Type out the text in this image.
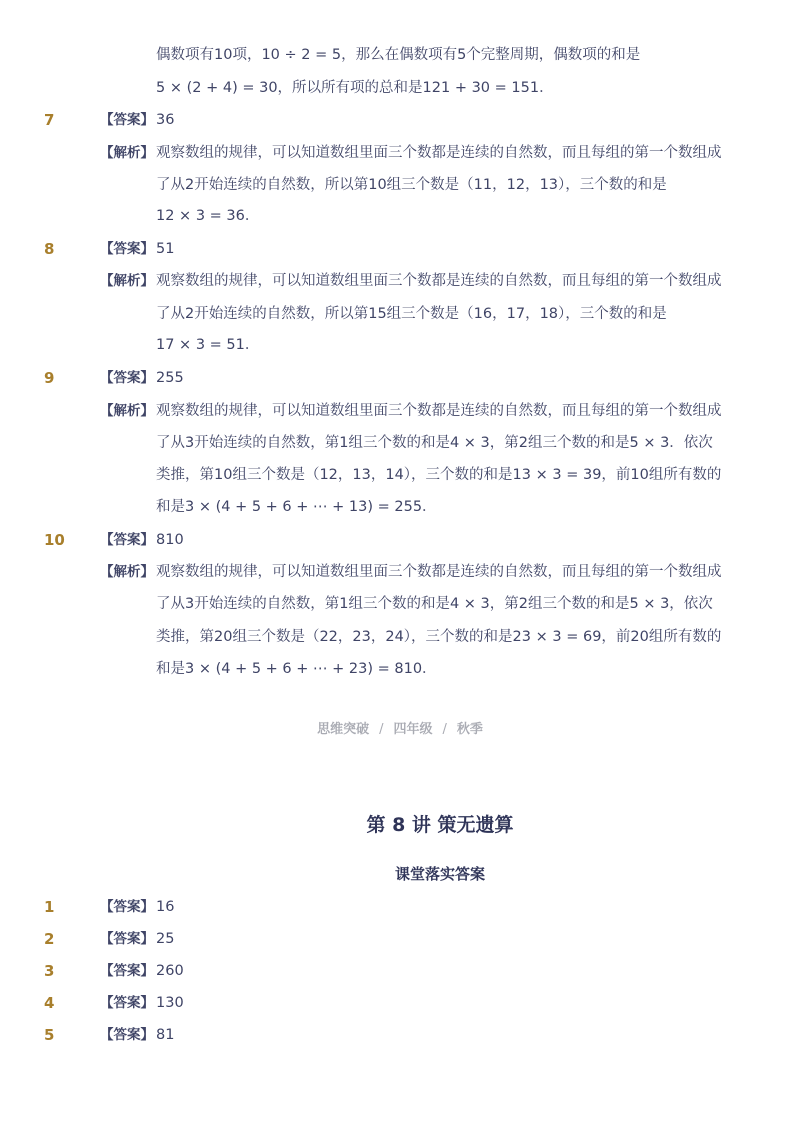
偶数项有10项，10 ÷ 2 = 5，那么在偶数项有5个完整周期，偶数项的和是
5 × (2 + 4) = 30，所以所有项的总和是121 + 30 = 151．
7	【答案】 36
【解析】 观察数组的规律，可以知道数组里面三个数都是连续的自然数，而且每组的第一个数组成
了从2开始连续的自然数，所以第10组三个数是（11，12，13），三个数的和是
12 × 3 = 36．
8	【答案】 51
【解析】 观察数组的规律，可以知道数组里面三个数都是连续的自然数，而且每组的第一个数组成
了从2开始连续的自然数，所以第15组三个数是（16，17，18），三个数的和是
17 × 3 = 51．
9	【答案】 255
【解析】 观察数组的规律，可以知道数组里面三个数都是连续的自然数，而且每组的第一个数组成
了从3开始连续的自然数，第1组三个数的和是4 × 3，第2组三个数的和是5 × 3．依次
类推，第10组三个数是（12，13，14），三个数的和是13 × 3 = 39，前10组所有数的
和是3 × (4 + 5 + 6 + ⋯ + 13) = 255．
10	【答案】 810
【解析】 观察数组的规律，可以知道数组里面三个数都是连续的自然数，而且每组的第一个数组成
了从3开始连续的自然数，第1组三个数的和是4 × 3，第2组三个数的和是5 × 3，依次
类推，第20组三个数是（22，23，24），三个数的和是23 × 3 = 69，前20组所有数的
和是3 × (4 + 5 + 6 + ⋯ + 23) = 810．
思维突破 / 四年级 / 秋季
第 8 讲 策无遗算
课堂落实答案
1	【答案】 16
2	【答案】 25
3	【答案】 260
4	【答案】 130
5	【答案】 81
